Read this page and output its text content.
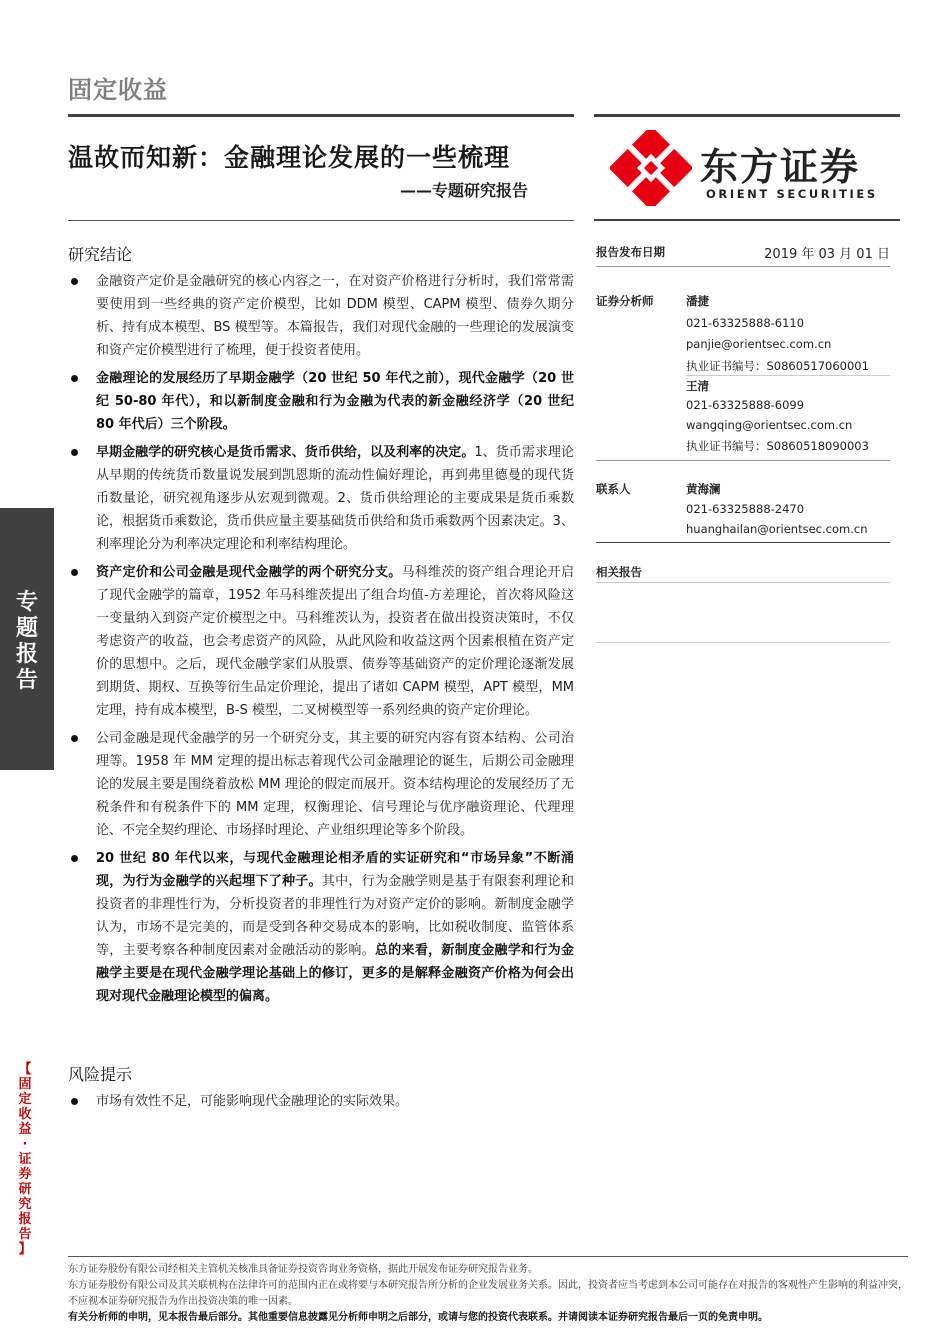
固定收益
温故而知新：金融理论发展的一些梳理
——专题研究报告
东方证券
ORIENT SECURITIES
研究结论
金融资产定价是金融研究的核心内容之一，在对资产价格进行分析时，我们常常需要使用到一些经典的资产定价模型，比如 DDM 模型、CAPM 模型、债券久期分析、持有成本模型、BS 模型等。本篇报告，我们对现代金融的一些理论的发展演变和资产定价模型进行了梳理，便于投资者使用。
金融理论的发展经历了早期金融学（20 世纪 50 年代之前），现代金融学（20 世纪 50-80 年代），和以新制度金融和行为金融为代表的新金融经济学（20 世纪 80 年代后）三个阶段。
早期金融学的研究核心是货币需求、货币供给，以及利率的决定。1、货币需求理论从早期的传统货币数量说发展到凯恩斯的流动性偏好理论，再到弗里德曼的现代货币数量论，研究视角逐步从宏观到微观。2、货币供给理论的主要成果是货币乘数论，根据货币乘数论，货币供应量主要基础货币供给和货币乘数两个因素决定。3、利率理论分为利率决定理论和利率结构理论。
资产定价和公司金融是现代金融学的两个研究分支。马科维茨的资产组合理论开启了现代金融学的篇章，1952 年马科维茨提出了组合均值-方差理论，首次将风险这一变量纳入到资产定价模型之中。马科维茨认为，投资者在做出投资决策时，不仅考虑资产的收益，也会考虑资产的风险，从此风险和收益这两个因素根植在资产定价的思想中。之后，现代金融学家们从股票、债券等基础资产的定价理论逐渐发展到期货、期权、互换等衍生品定价理论，提出了诸如 CAPM 模型，APT 模型，MM 定理，持有成本模型，B-S 模型，二叉树模型等一系列经典的资产定价理论。
公司金融是现代金融学的另一个研究分支，其主要的研究内容有资本结构、公司治理等。1958 年 MM 定理的提出标志着现代公司金融理论的诞生，后期公司金融理论的发展主要是围绕着放松 MM 理论的假定而展开。资本结构理论的发展经历了无税条件和有税条件下的 MM 定理，权衡理论、信号理论与优序融资理论、代理理论、不完全契约理论、市场择时理论、产业组织理论等多个阶段。
20 世纪 80 年代以来，与现代金融理论相矛盾的实证研究和“市场异象”不断涌现，为行为金融学的兴起埋下了种子。其中，行为金融学则是基于有限套利理论和投资者的非理性行为，分析投资者的非理性行为对资产定价的影响。新制度金融学认为，市场不是完美的，而是受到各种交易成本的影响，比如税收制度、监管体系等，主要考察各种制度因素对金融活动的影响。总的来看，新制度金融学和行为金融学主要是在现代金融学理论基础上的修订，更多的是解释金融资产价格为何会出现对现代金融理论模型的偏离。
风险提示
市场有效性不足，可能影响现代金融理论的实际效果。
报告发布日期	2019 年 03 月 01 日
证券分析师	潘捷
021-63325888-6110
panjie@orientsec.com.cn
执业证书编号：S0860517060001
王清
021-63325888-6099
wangqing@orientsec.com.cn
执业证书编号：S0860518090003
联系人	黄海澜
021-63325888-2470
huanghailan@orientsec.com.cn
相关报告
专
题
报
告
【
固
定
收
益
·
证
券
研
究
报
告
】
东方证券股份有限公司经相关主管机关核准具备证券投资咨询业务资格，据此开展发布证券研究报告业务。
东方证券股份有限公司及其关联机构在法律许可的范围内正在或将要与本研究报告所分析的企业发展业务关系。因此，投资者应当考虑到本公司可能存在对报告的客观性产生影响的利益冲突，不应视本证券研究报告为作出投资决策的唯一因素。
有关分析师的申明，见本报告最后部分。其他重要信息披露见分析师申明之后部分，或请与您的投资代表联系。并请阅读本证券研究报告最后一页的免责申明。
